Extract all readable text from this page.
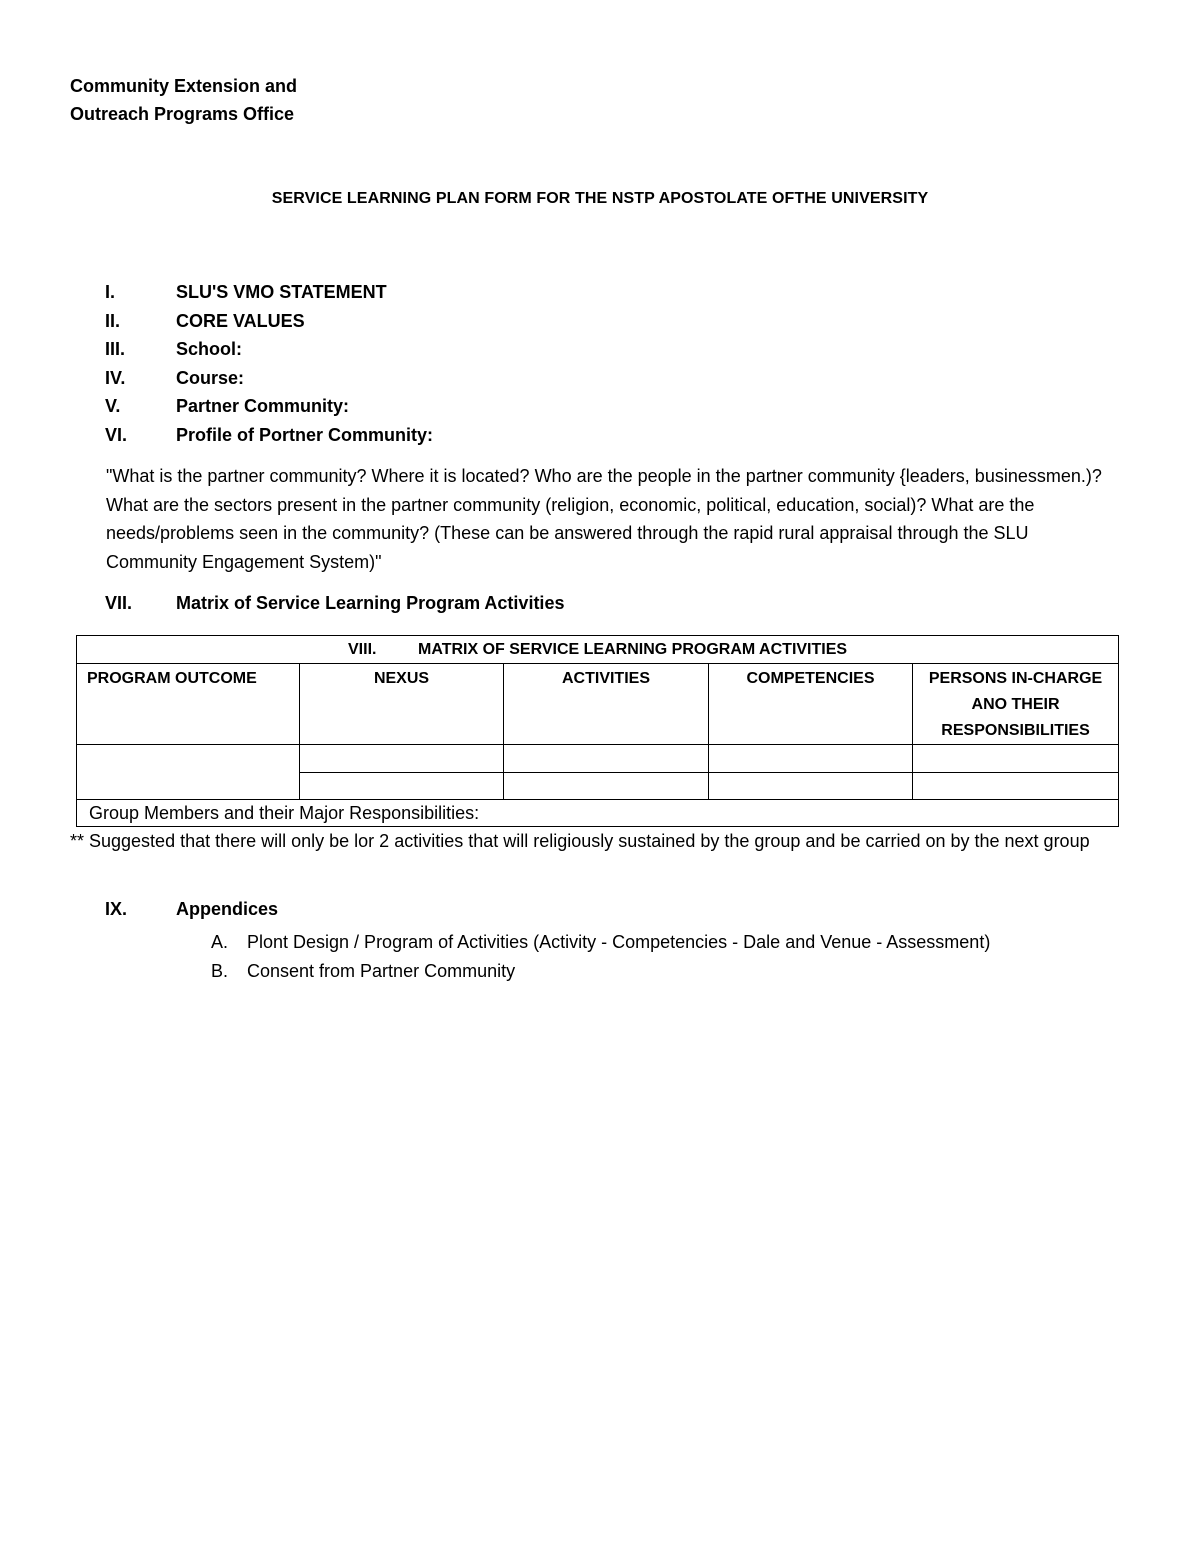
Community Extension and
Outreach Programs Office
SERVICE LEARNING PLAN FORM FOR THE NSTP APOSTOLATE OFTHE UNIVERSITY
I.	SLU'S VMO STATEMENT
II.	CORE VALUES
III.	School:
IV.	Course:
V.	Partner Community:
VI.	Profile of Portner Community:
"What is the partner community? Where it is located? Who are the people in the partner community {leaders, businessmen.)? What are the sectors present in the partner community (religion, economic, political, education, social)? What are the needs/problems seen in the community? (These can be answered through the rapid rural appraisal through the SLU Community Engagement System)"
VII.	Matrix of Service Learning Program Activities
VIII. MATRIX OF SERVICE LEARNING PROGRAM ACTIVITIES				
PROGRAM OUTCOME	NEXUS	ACTIVITIES	COMPETENCIES	PERSONS IN-CHARGE ANO THEIR RESPONSIBILITIES

Group Members and their Major Responsibilities:				
** Suggested that there will only be lor 2 activities that will religiously sustained by the group and be carried on by the next group
IX.	Appendices
A.	Plont Design / Program of Activities (Activity - Competencies - Dale and Venue - Assessment)
B.	Consent from Partner Community
